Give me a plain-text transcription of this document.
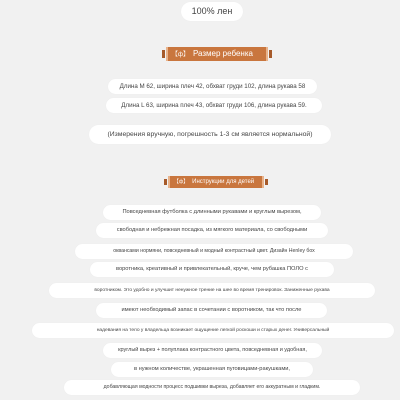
100% лен
【ф】 Размер ребенка
Длина M 62, ширина плеч 42, обхват груди 102, длина рукава 58
Длина L 63, ширина плеч 43, обхват груди 106, длина рукава 59.
(Измерения вручную, погрешность 1-3 см является нормальной)
【ф】 Инструкции для детей
Повседневная футболка с длинными рукавами и круглым вырезом,
свободная и небрежная посадка, из мягкого материала, со свободными
оквансами нормяни, повседневный и модный контрастный цвет. Дизайн Henley бох
воротника, креативный и привлекательный, круче, чем рубашка ПОЛО с
воротником. Это удобно и улучшит ненужное трение на шее во время тренировок. Заниженные рукава
имеют необходимый запас в сочетании с воротником, так что после
надевания на тело у владельца возникает ощущение легкой роскоши и старых денег. Универсальный
круглый вырез + полуплака контрастного цвета, повседневная и удобная,
в нужном количестве, украшенная пуговицами-ракушками,
добавляющая модности процесс подшивки выреза, добавляет его аккуратным и гладким.
